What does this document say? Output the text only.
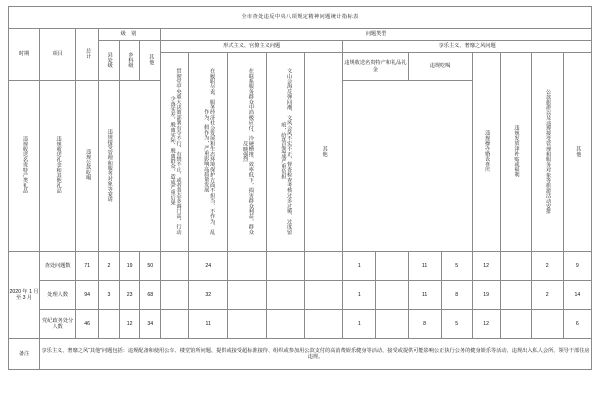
全市查处违反中央八项规定精神问题统计指标表																		
时期	项目	总计	级 别			问题类型												
			县处级	乡科级	其他	形式主义、官僚主义问题					享乐主义、奢靡之风问题							
						贯彻党中央重大决策部署有令不行、有禁不止，或者表态多调门高、行动少落实差，脱离实际、脱离群众，造成严重后果	在履职尽责、服务经济社会发展和生态环境保护方面不担当、不作为、乱作为、假作为，严重影响高质量发展	在联系服务群众中消极应付、冷硬横推、效率低下，损害群众利益，群众反映强烈	文山会海反弹回潮、文风会风不实不正，督查检查考核过多过频、过度留痕，给基层造成严重负担	其他	违规收送名贵特产和礼品礼金		违规吃喝		违规操办婚丧喜庆	违规发放津补贴或福利	公款旅游以及违规接受管理和服务对象等旅游活动安排	其他
违规收送名贵特产类礼品	违规收送礼金和其他礼品	违规公款吃喝	违规接受管理和服务对象等宴请															
2020 年 1 月至 3 月	查处问题数	71	2	19	50		24				1		11	5	12		2	9
	处理人数	94	3	23	68		32				1		11	8	19		2	14
	党纪政务处分人数	46		12	34		11				1		8	5	12			6
备注	享乐主义、奢靡之风“其他”问题包括：违规配备和使用公车、楼堂馆所问题、提供或接受超标准接待、组织或参加用公款支付的高消费娱乐健身等活动、接受或提供可能影响公正执行公务的健身娱乐等活动、违规出入私人会所、领导干部住房违规。																	
